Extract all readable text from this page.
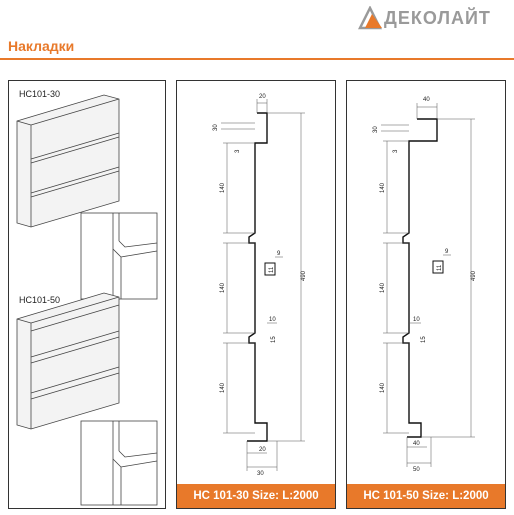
ДЕКОЛАЙТ
Накладки
НС101-30
НС101-50
20
30
3
140
140
140
9
11
10
15
490
20
30
НС 101-30 Size: L:2000
40
30
3
140
140
140
9
11
10
15
490
40
50
НС 101-50 Size: L:2000
